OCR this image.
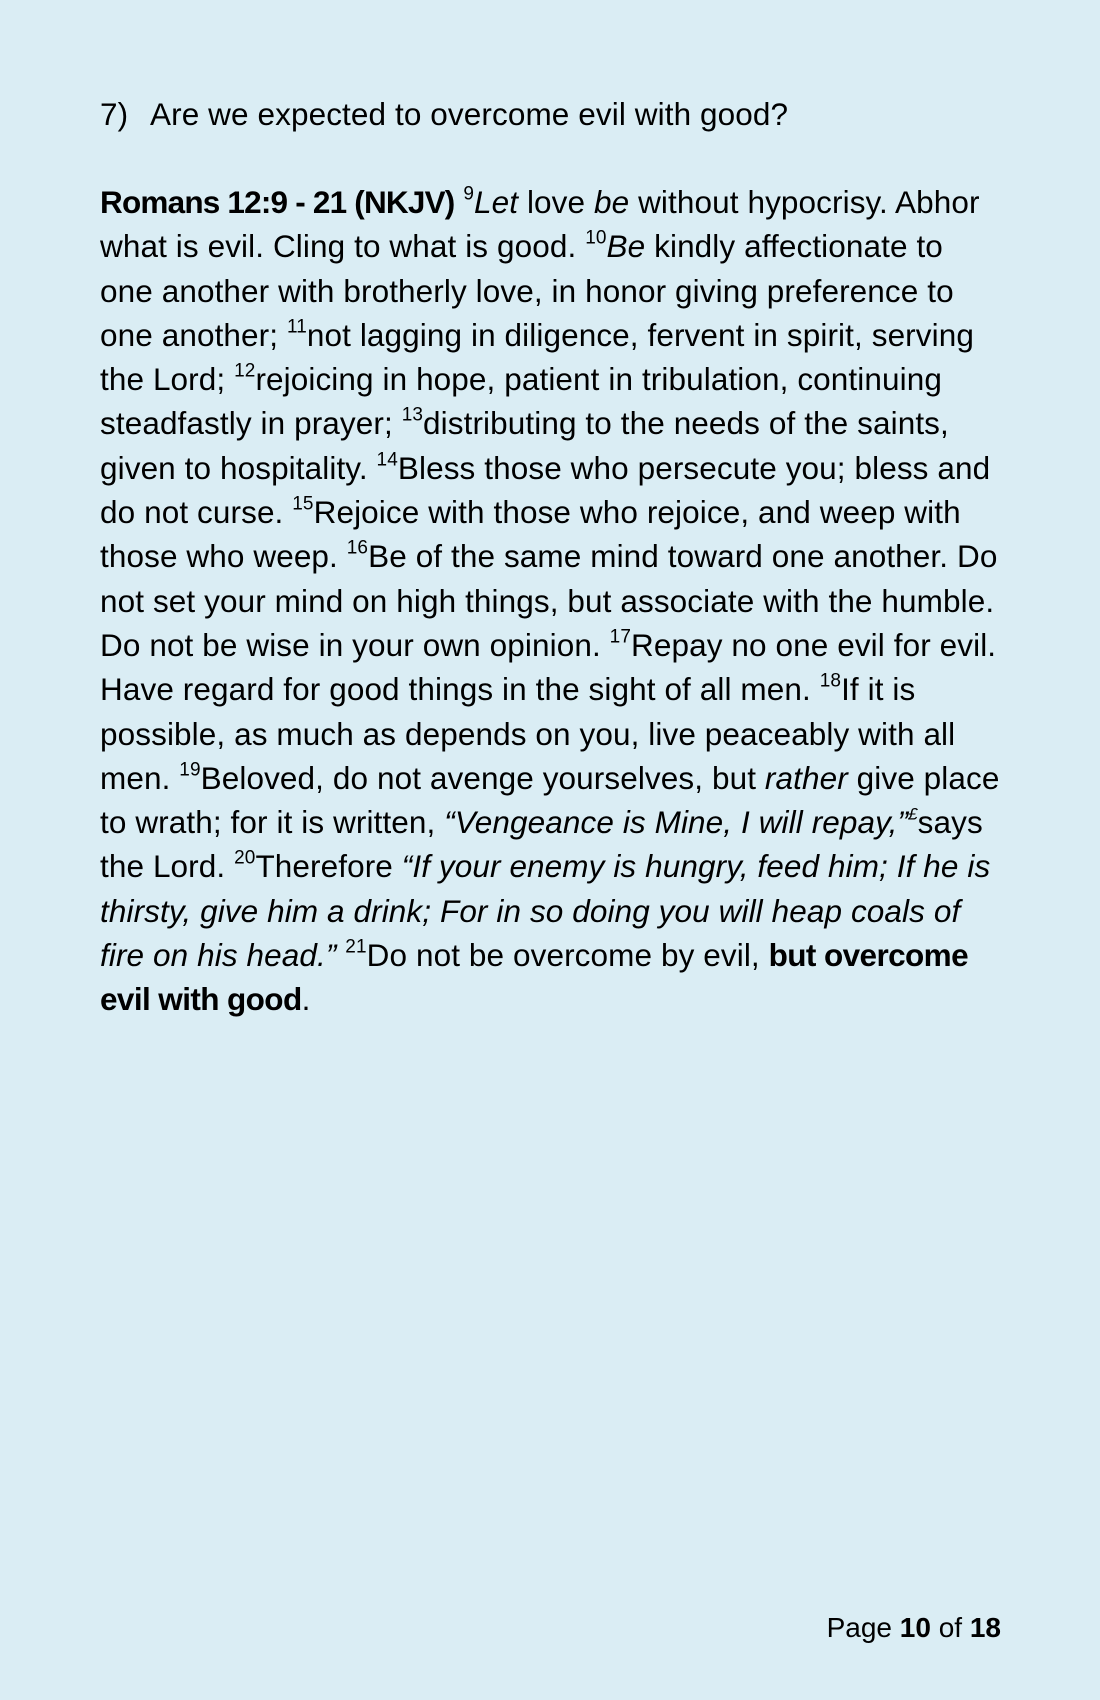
7) Are we expected to overcome evil with good?

Romans 12:9 - 21 (NKJV) $^9$Let love be without hypocrisy. Abhor what is evil. Cling to what is good. $^{10}$Be kindly affectionate to one another with brotherly love, in honor giving preference to one another; $^{11}$not lagging in diligence, fervent in spirit, serving the Lord; $^{12}$rejoicing in hope, patient in tribulation, continuing steadfastly in prayer; $^{13}$distributing to the needs of the saints, given to hospitality. $^{14}$Bless those who persecute you; bless and do not curse. $^{15}$Rejoice with those who rejoice, and weep with those who weep. $^{16}$Be of the same mind toward one another. Do not set your mind on high things, but associate with the humble. Do not be wise in your own opinion. $^{17}$Repay no one evil for evil. Have regard for good things in the sight of all men. $^{18}$If it is possible, as much as depends on you, live peaceably with all men. $^{19}$Beloved, do not avenge yourselves, but rather give place to wrath; for it is written, “Vengeance is Mine, I will repay,”£says the Lord. $^{20}$Therefore “If your enemy is hungry, feed him; If he is thirsty, give him a drink; For in so doing you will heap coals of fire on his head.” $^{21}$Do not be overcome by evil, but overcome evil with good.

Page 10 of 18
